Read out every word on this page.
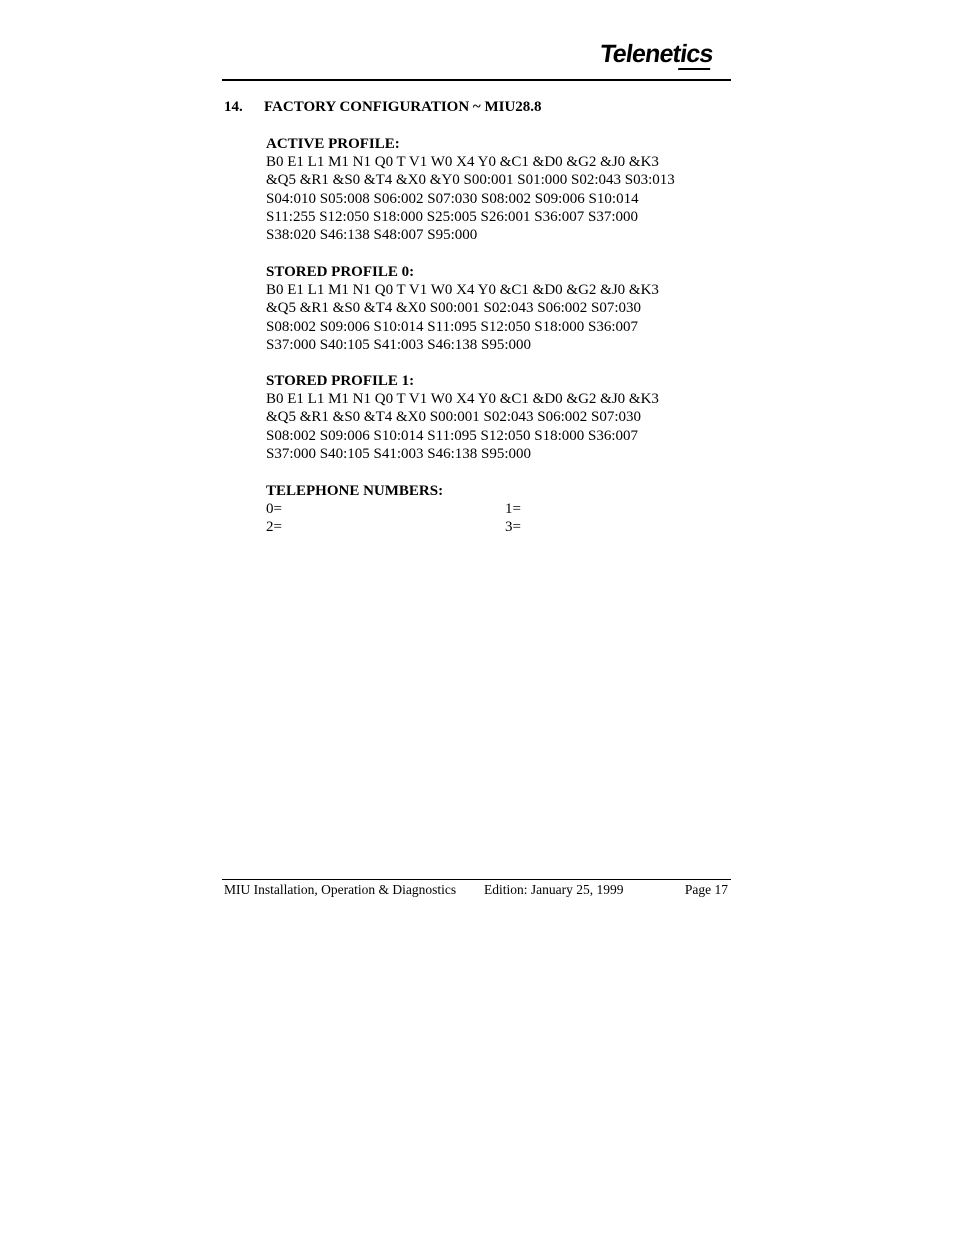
Telenetics
14. FACTORY CONFIGURATION ~ MIU28.8
ACTIVE PROFILE:
B0 E1 L1 M1 N1 Q0 T V1 W0 X4 Y0 &C1 &D0 &G2 &J0 &K3
&Q5 &R1 &S0 &T4 &X0 &Y0 S00:001 S01:000 S02:043 S03:013
S04:010 S05:008 S06:002 S07:030 S08:002 S09:006 S10:014
S11:255 S12:050 S18:000 S25:005 S26:001 S36:007 S37:000
S38:020 S46:138 S48:007 S95:000
STORED PROFILE 0:
B0 E1 L1 M1 N1 Q0 T V1 W0 X4 Y0 &C1 &D0 &G2 &J0 &K3
&Q5 &R1 &S0 &T4 &X0 S00:001 S02:043 S06:002 S07:030
S08:002 S09:006 S10:014 S11:095 S12:050 S18:000 S36:007
S37:000 S40:105 S41:003 S46:138 S95:000
STORED PROFILE 1:
B0 E1 L1 M1 N1 Q0 T V1 W0 X4 Y0 &C1 &D0 &G2 &J0 &K3
&Q5 &R1 &S0 &T4 &X0 S00:001 S02:043 S06:002 S07:030
S08:002 S09:006 S10:014 S11:095 S12:050 S18:000 S36:007
S37:000 S40:105 S41:003 S46:138 S95:000
TELEPHONE NUMBERS:
0=	1=
2=	3=
MIU Installation, Operation & Diagnostics Edition: January 25, 1999	Page 17
